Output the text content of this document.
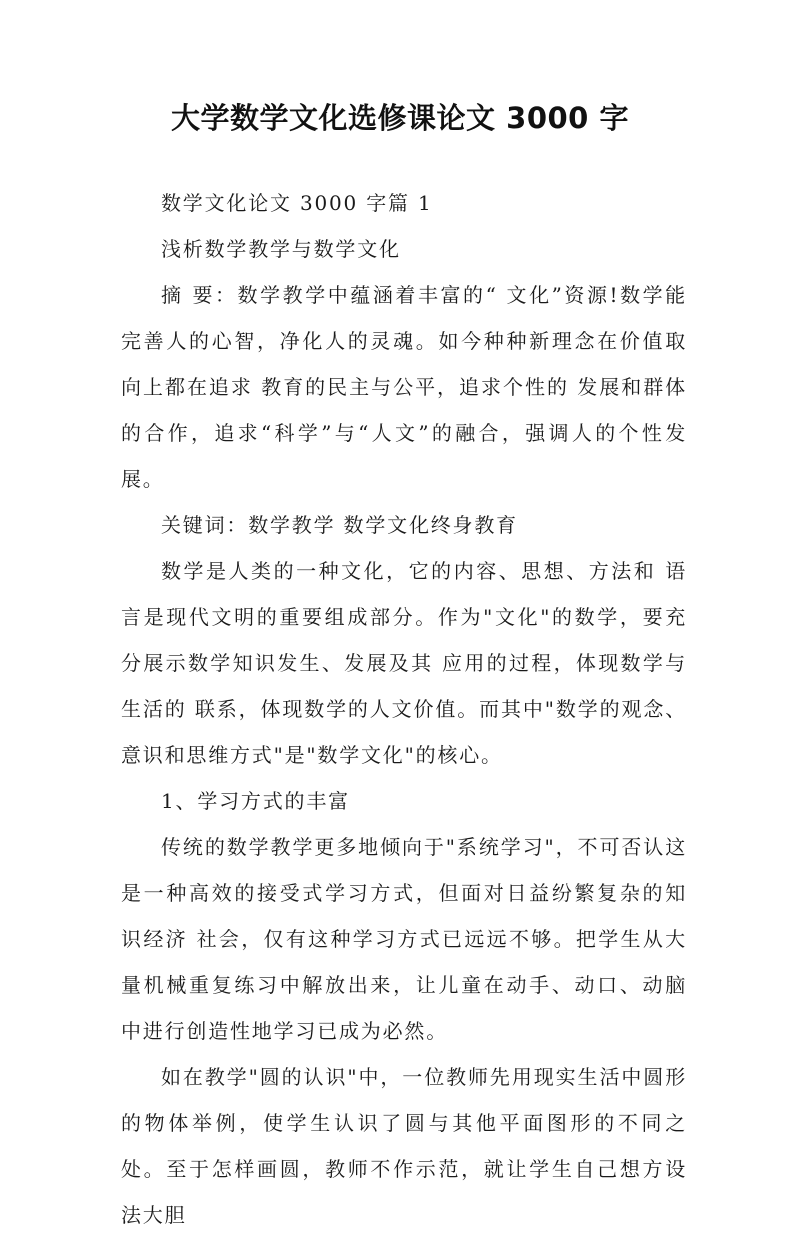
大学数学文化选修课论文 3000 字

数学文化论文 3000 字篇 1

浅析数学教学与数学文化

摘 要：数学教学中蕴涵着丰富的“ 文化”资源!数学能完善人的心智，净化人的灵魂。如今种种新理念在价值取向上都在追求 教育的民主与公平，追求个性的 发展和群体的合作，追求“科学”与“人文”的融合，强调人的个性发展。

关键词：数学教学 数学文化终身教育

数学是人类的一种文化，它的内容、思想、方法和 语言是现代文明的重要组成部分。作为"文化"的数学，要充分展示数学知识发生、发展及其 应用的过程，体现数学与生活的 联系，体现数学的人文价值。而其中"数学的观念、意识和思维方式"是"数学文化"的核心。

1、学习方式的丰富

传统的数学教学更多地倾向于"系统学习"，不可否认这是一种高效的接受式学习方式，但面对日益纷繁复杂的知识经济 社会，仅有这种学习方式已远远不够。把学生从大量机械重复练习中解放出来，让儿童在动手、动口、动脑中进行创造性地学习已成为必然。

如在教学"圆的认识"中，一位教师先用现实生活中圆形的物体举例，使学生认识了圆与其他平面图形的不同之处。至于怎样画圆，教师不作示范，就让学生自己想方设法大胆
